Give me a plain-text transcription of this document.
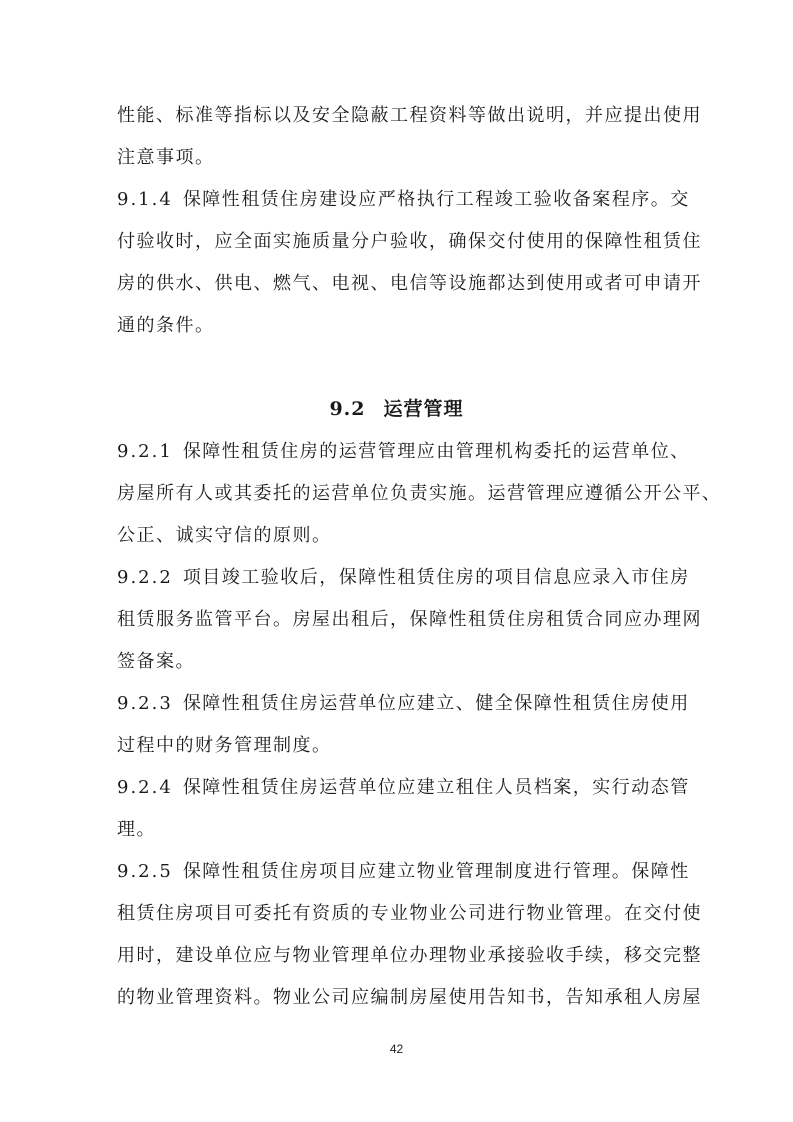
性能、标准等指标以及安全隐蔽工程资料等做出说明，并应提出使用
注意事项。
9.1.4 保障性租赁住房建设应严格执行工程竣工验收备案程序。交
付验收时，应全面实施质量分户验收，确保交付使用的保障性租赁住
房的供水、供电、燃气、电视、电信等设施都达到使用或者可申请开
通的条件。
9.2 运营管理
9.2.1 保障性租赁住房的运营管理应由管理机构委托的运营单位、
房屋所有人或其委托的运营单位负责实施。运营管理应遵循公开公平、
公正、诚实守信的原则。
9.2.2 项目竣工验收后，保障性租赁住房的项目信息应录入市住房
租赁服务监管平台。房屋出租后，保障性租赁住房租赁合同应办理网
签备案。
9.2.3 保障性租赁住房运营单位应建立、健全保障性租赁住房使用
过程中的财务管理制度。
9.2.4 保障性租赁住房运营单位应建立租住人员档案，实行动态管
理。
9.2.5 保障性租赁住房项目应建立物业管理制度进行管理。保障性
租赁住房项目可委托有资质的专业物业公司进行物业管理。在交付使
用时，建设单位应与物业管理单位办理物业承接验收手续，移交完整
的物业管理资料。物业公司应编制房屋使用告知书，告知承租人房屋
42
